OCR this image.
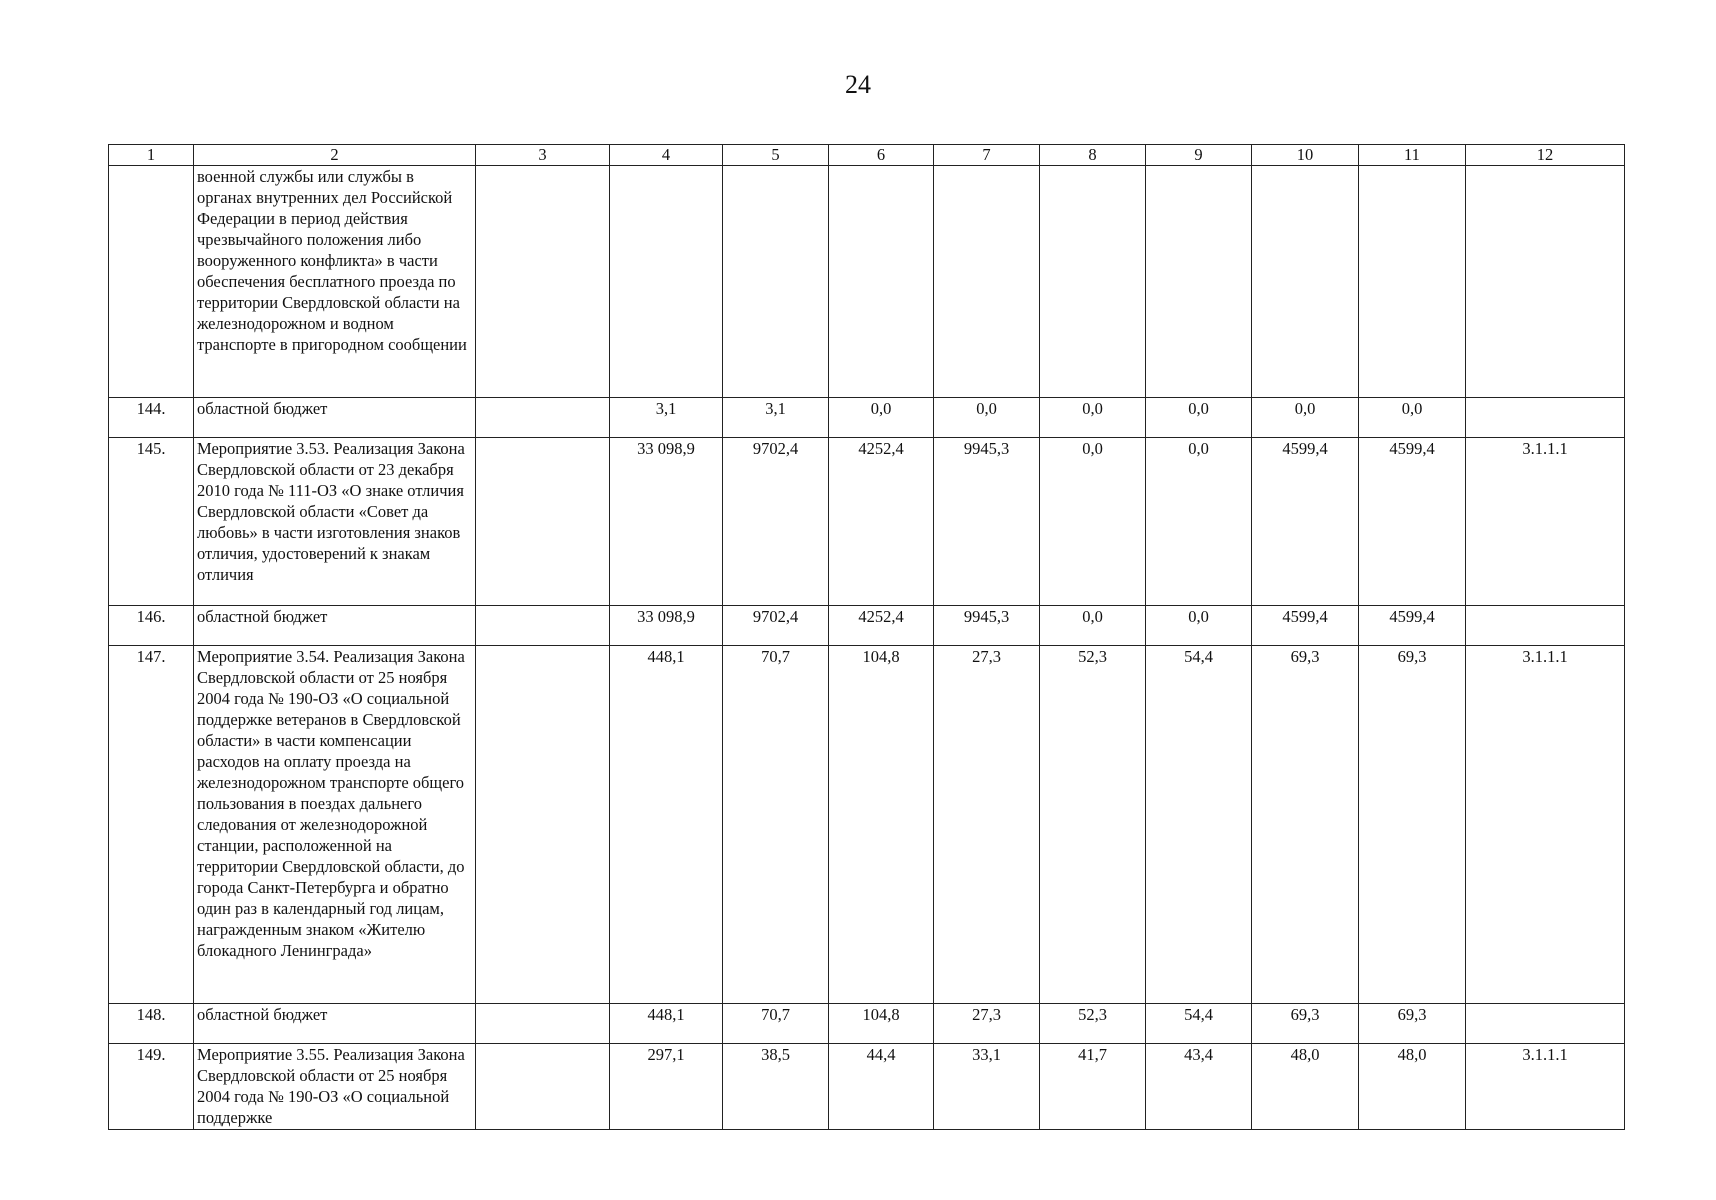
24
1	2	3	4	5	6	7	8	9	10	11	12
	военной службы или службы в органах внутренних дел Российской Федерации в период действия чрезвычайного положения либо вооруженного конфликта» в части обеспечения бесплатного проезда по территории Свердловской области на железнодорожном и водном транспорте в пригородном сообщении										
144.	областной бюджет		3,1	3,1	0,0	0,0	0,0	0,0	0,0	0,0	
145.	Мероприятие 3.53. Реализация Закона Свердловской области от 23 декабря 2010 года № 111-ОЗ «О знаке отличия Свердловской области «Совет да любовь» в части изготовления знаков отличия, удостоверений к знакам отличия		33 098,9	9702,4	4252,4	9945,3	0,0	0,0	4599,4	4599,4	3.1.1.1
146.	областной бюджет		33 098,9	9702,4	4252,4	9945,3	0,0	0,0	4599,4	4599,4	
147.	Мероприятие 3.54. Реализация Закона Свердловской области от 25 ноября 2004 года № 190-ОЗ «О социальной поддержке ветеранов в Свердловской области» в части компенсации расходов на оплату проезда на железнодорожном транспорте общего пользования в поездах дальнего следования от железнодорожной станции, расположенной на территории Свердловской области, до города Санкт-Петербурга и обратно один раз в календарный год лицам, награжденным знаком «Жителю блокадного Ленинграда»		448,1	70,7	104,8	27,3	52,3	54,4	69,3	69,3	3.1.1.1
148.	областной бюджет		448,1	70,7	104,8	27,3	52,3	54,4	69,3	69,3	
149.	Мероприятие 3.55. Реализация Закона Свердловской области от 25 ноября 2004 года № 190-ОЗ «О социальной поддержке		297,1	38,5	44,4	33,1	41,7	43,4	48,0	48,0	3.1.1.1
